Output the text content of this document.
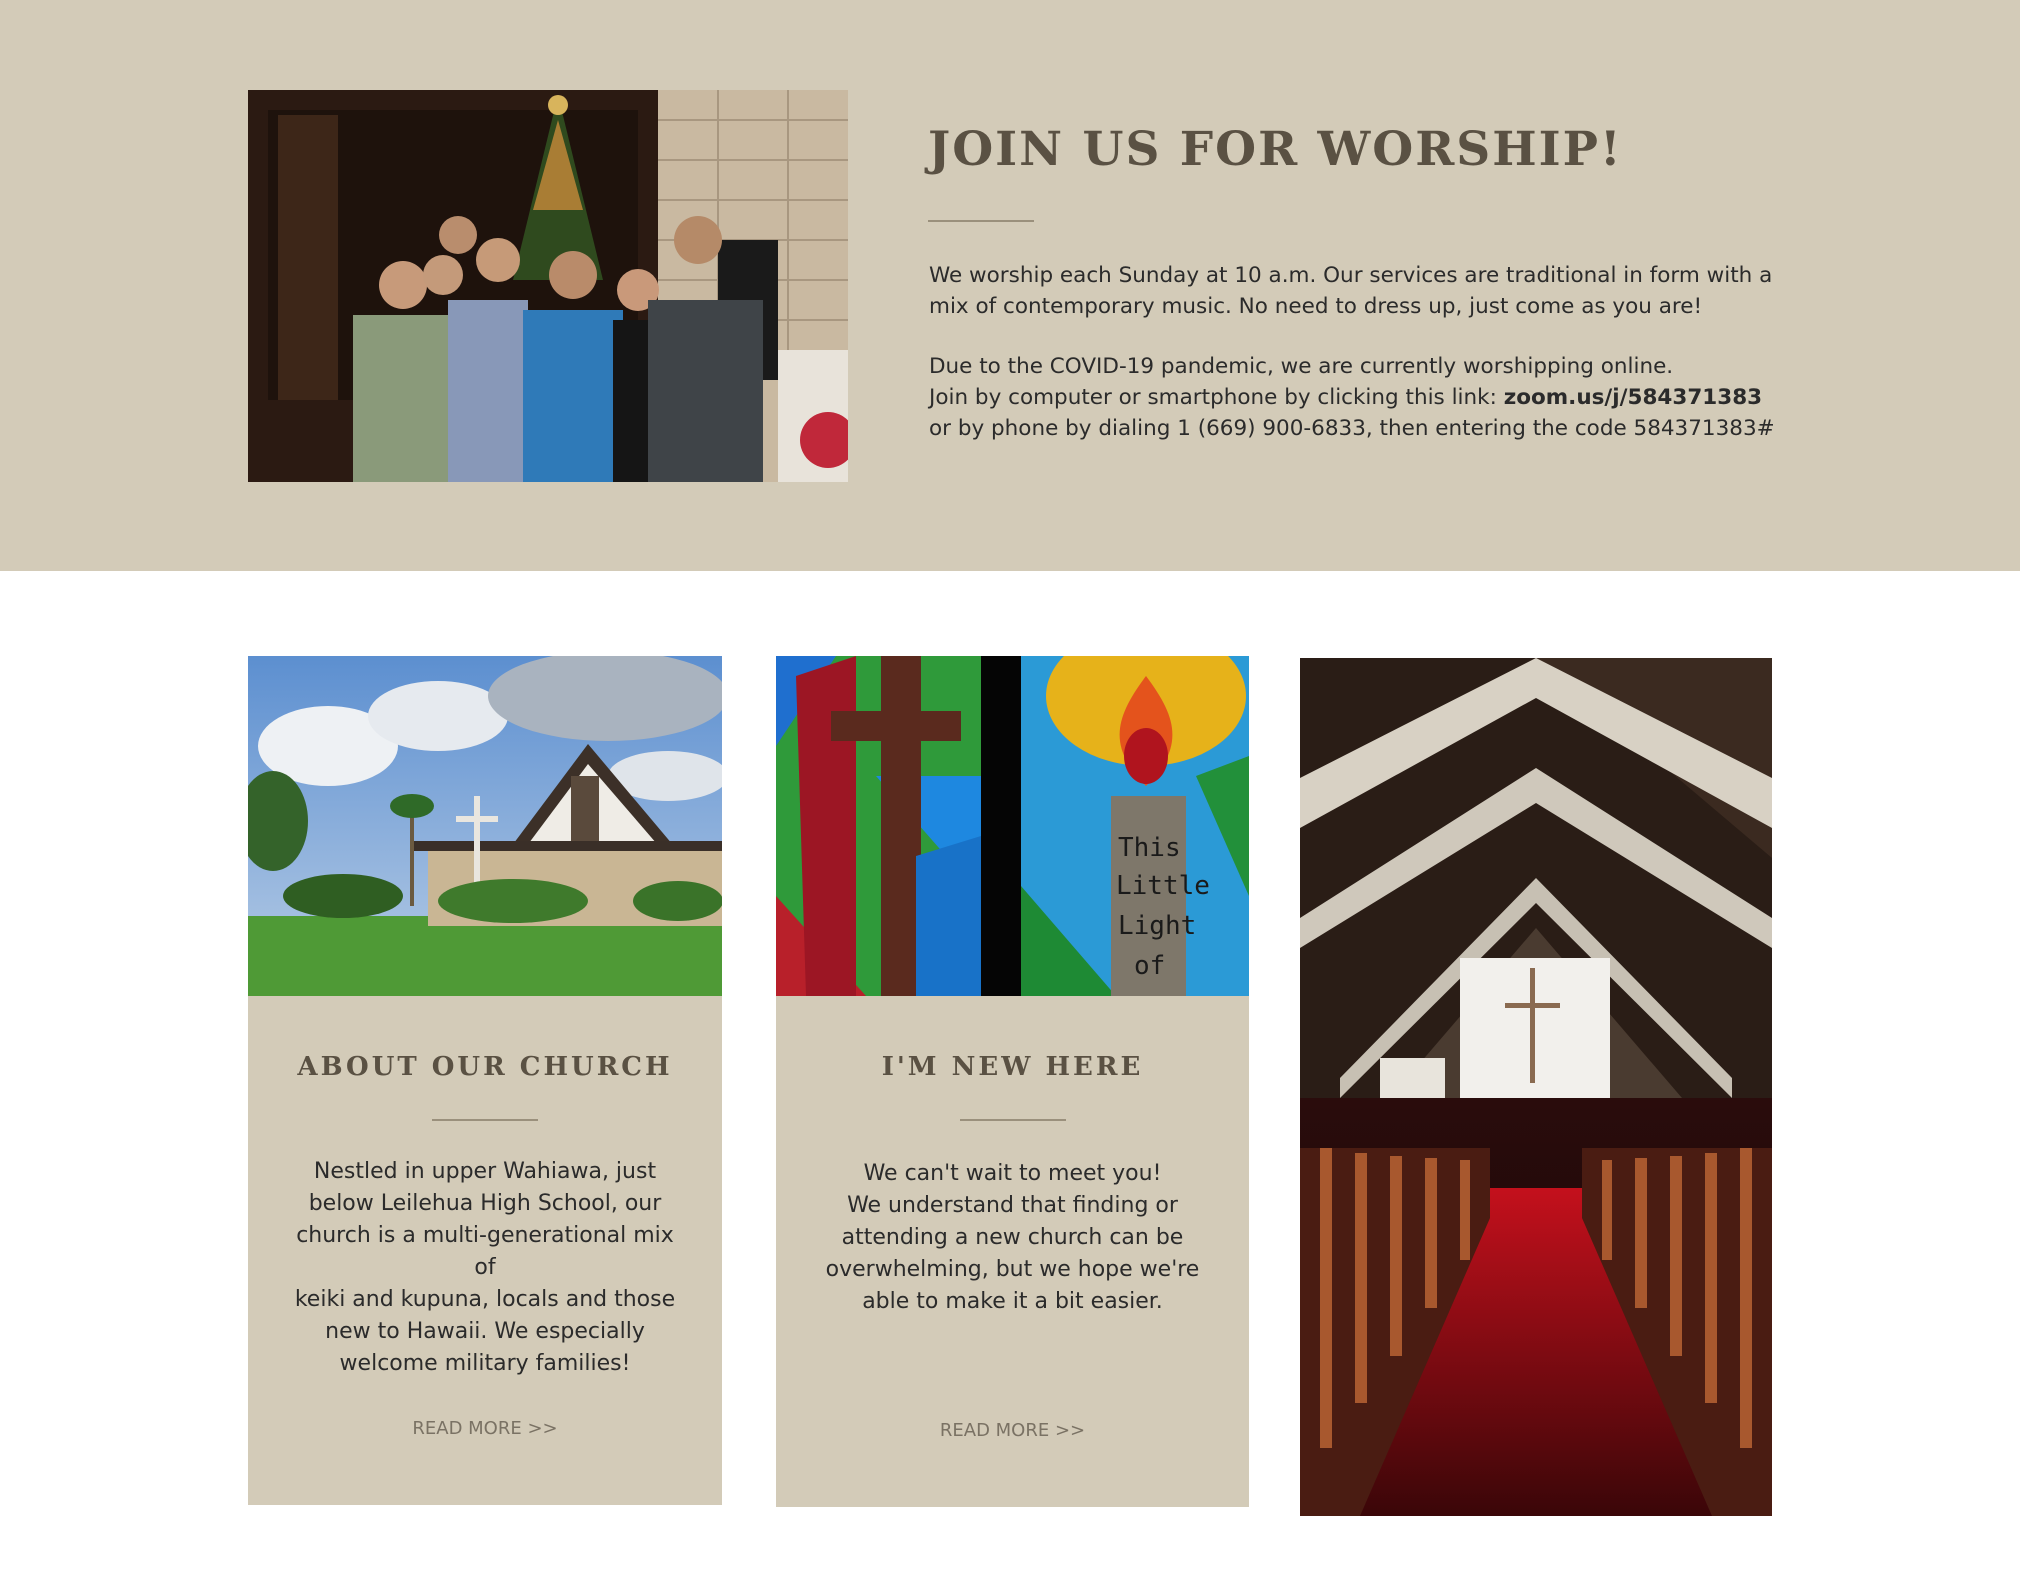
JOIN US FOR WORSHIP!

We worship each Sunday at 10 a.m. Our services are traditional in form with a mix of contemporary music. No need to dress up, just come as you are!

Due to the COVID-19 pandemic, we are currently worshipping online.

Join by computer or smartphone by clicking this link: zoom.us/j/584371383

or by phone by dialing 1 (669) 900-6833, then entering the code 584371383#

ABOUT OUR CHURCH
Nestled in upper Wahiawa, just
below Leilehua High School, our
church is a multi-generational mix of
keiki and kupuna, locals and those
new to Hawaii. We especially
welcome military families!
READ MORE >>
This
Little
Light
of
I'M NEW HERE
We can't wait to meet you!
We understand that finding or
attending a new church can be
overwhelming, but we hope we're
able to make it a bit easier.
READ MORE >>
